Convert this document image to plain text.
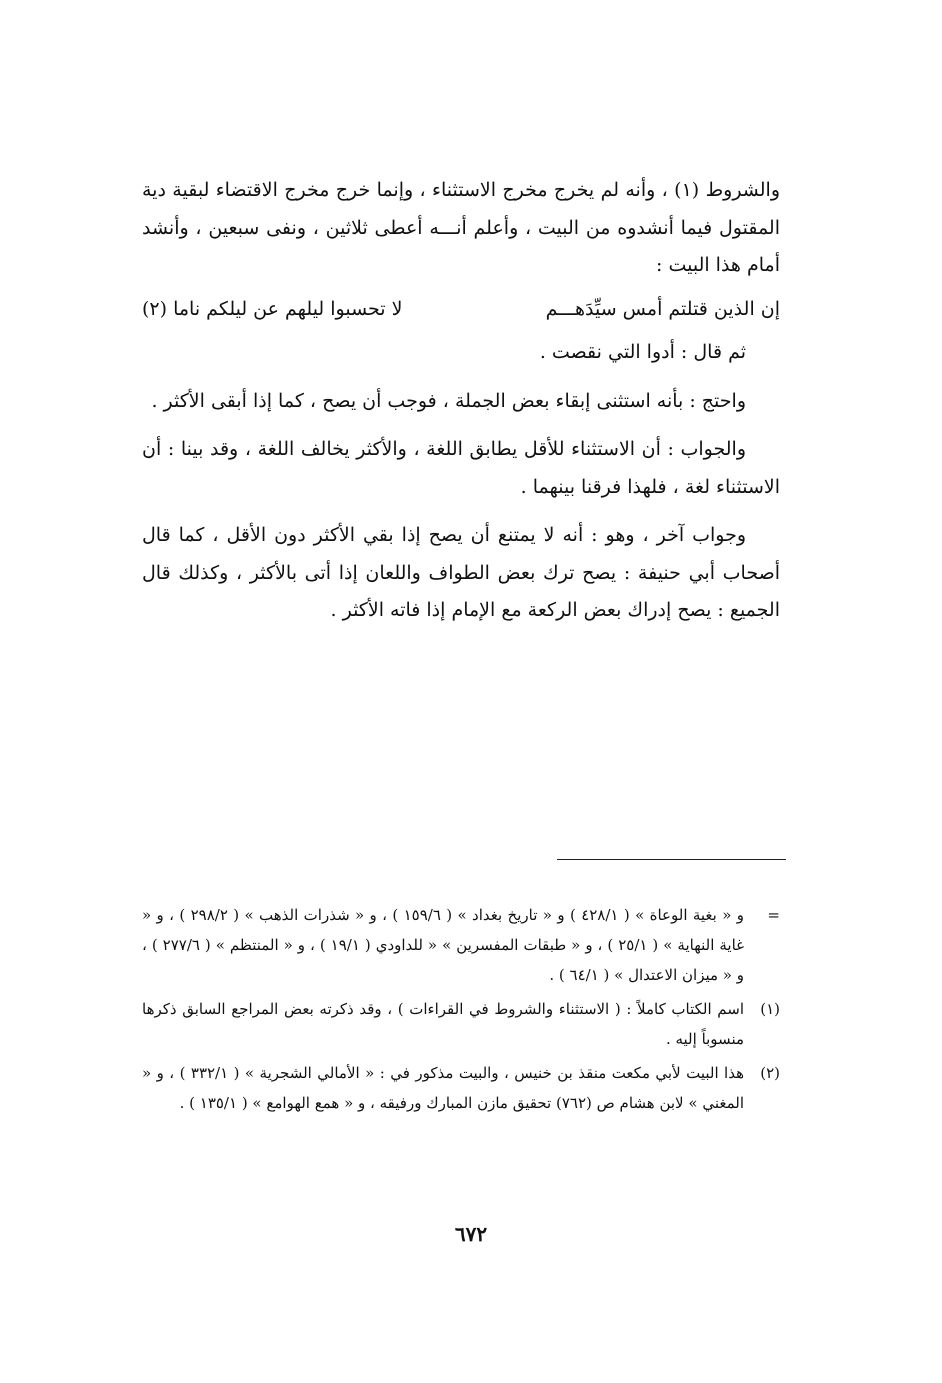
والشروط (١) ، وأنه لم يخرج مخرج الاستثناء ، وإنما خرج مخرج الاقتضاء لبقية دية المقتول فيما أنشدوه من البيت ، وأعلم أنـــه أعطى ثلاثين ، ونفى سبعين ، وأنشد أمام هذا البيت :

إن الذين قتلتم أمس سيِّدَهـــم
لا تحسبوا ليلهم عن ليلكم ناما (٢)

ثم قال : أدوا التي نقصت .

واحتج : بأنه استثنى إبقاء بعض الجملة ، فوجب أن يصح ، كما إذا أبقى الأكثر .

والجواب : أن الاستثناء للأقل يطابق اللغة ، والأكثر يخالف اللغة ، وقد بينا : أن الاستثناء لغة ، فلهذا فرقنا بينهما .

وجواب آخر ، وهو : أنه لا يمتنع أن يصح إذا بقي الأكثر دون الأقل ، كما قال أصحاب أبي حنيفة : يصح ترك بعض الطواف واللعان إذا أتى بالأكثر ، وكذلك قال الجميع : يصح إدراك بعض الركعة مع الإمام إذا فاته الأكثر .

=
و « بغية الوعاة » ( ٤٢٨/١ ) و « تاريخ بغداد » ( ١٥٩/٦ ) ، و « شذرات الذهب » ( ٢٩٨/٢ ) ، و « غاية النهاية » ( ٢٥/١ ) ، و « طبقات المفسرين » « للداودي ( ١٩/١ ) ، و « المنتظم » ( ٢٧٧/٦ ) ، و « ميزان الاعتدال » ( ٦٤/١ ) .
(١)
اسم الكتاب كاملاً : ( الاستثناء والشروط في القراءات ) ، وقد ذكرته بعض المراجع السابق ذكرها منسوباً إليه .
(٢)
هذا البيت لأبي مكعت منقذ بن خنيس ، والبيت مذكور في : « الأمالي الشجرية » ( ٣٣٢/١ ) ، و « المغني » لابن هشام ص (٧٦٢) تحقيق مازن المبارك ورفيقه ، و « همع الهوامع » ( ١٣٥/١ ) .
٦٧٢
